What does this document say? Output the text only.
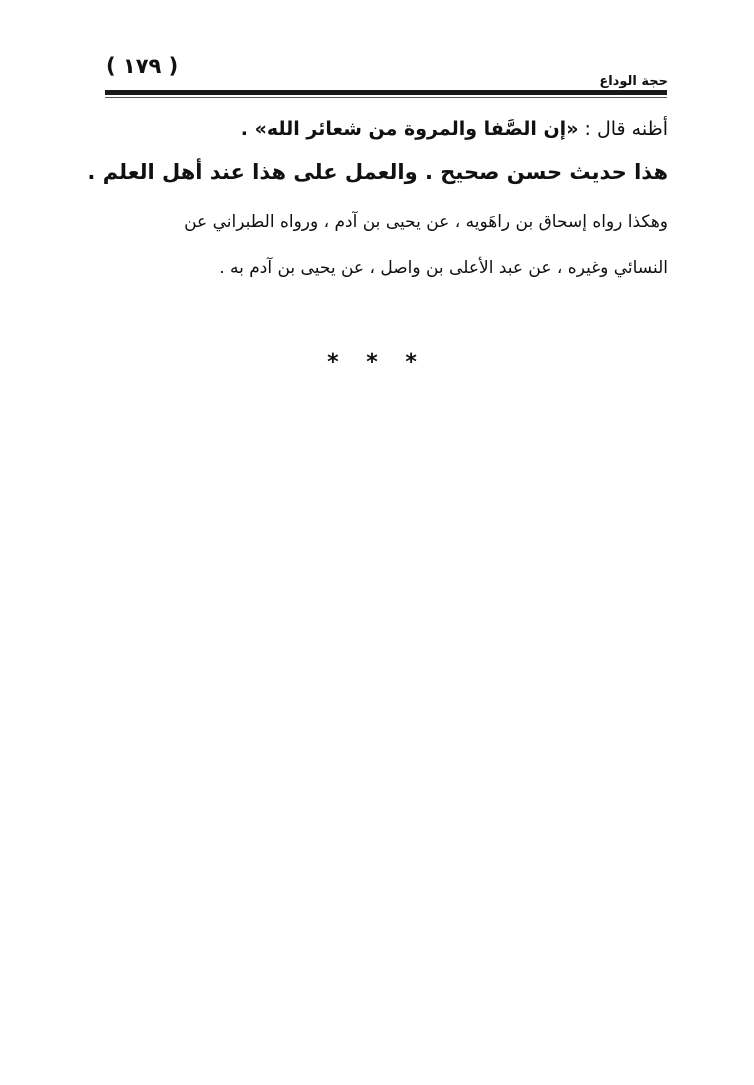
( ١٧٩ )
حجة الوداع
أظنه قال : «إن الصَّفا والمروة من شعائر الله» .
هذا حديث حسن صحيح . والعمل على هذا عند أهل العلم .
وهكذا رواه إسحاق بن راهَويه ، عن يحيى بن آدم ، ورواه الطبراني عن
النسائي وغيره ، عن عبد الأعلى بن واصل ، عن يحيى بن آدم به .
* * *
